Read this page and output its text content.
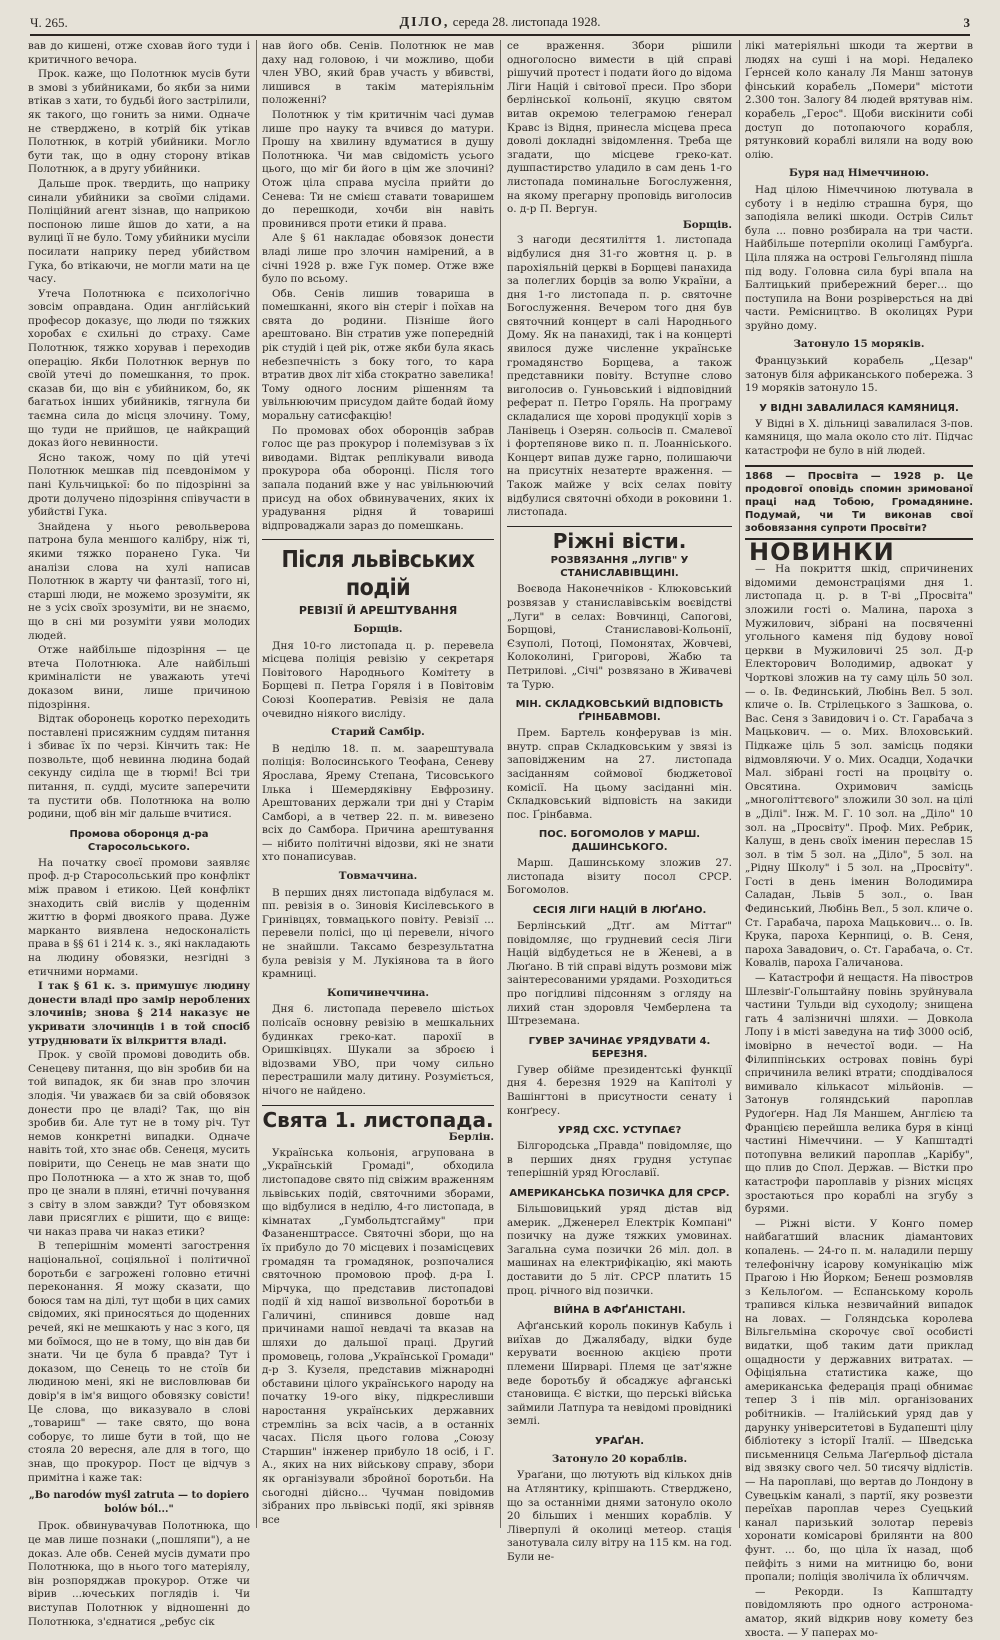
Ч. 265.	ДІЛО, середа 28. листопада 1928.	3

вав до кишені, отже сховав його туди і критичного вечора.

Прок. каже, що Полотнюк мусів бути в змові з убийниками, бо якби за ними втікав з хати, то будьбі його застрілили, як такого, що гонить за ними. Одначе не стверджено, в котрій бік утікав Полотнюк, в котрій убийники. Могло бути так, що в одну сторону втікав Полотнюк, а в другу убийники.

Дальше прок. твердить, що наприку синали убийники за своїми слідами. Поліційний агент зізнав, що наприкою поспоною лише йшов до хати, а на вулиці її не було. Тому убийники мусіли посилати наприку перед убийством Гука, бо втікаючи, не могли мати на це часу.

Утеча Полотнюка є психологічно зовсім оправдана. Один англійський професор доказує, що люди по тяжких хоробах є схильні до страху. Саме Полотнюк, тяжко хорував і переходив операцію. Якби Полотнюк вернув по своїй утечі до помешкання, то прок. сказав би, що він є убийником, бо, як багатьох інших убийників, тягнула би таємна сила до місця злочину. Тому, що туди не прийшов, це найкращий доказ його невинности.

Ясно також, чому по цій утечі Полотнюк мешкав під псевдонімом у пані Кульчицької: бо по підозрінні за дроти долучено підозріння співучасти в убийстві Гука.

Знайдена у нього револьверова патрона була меншого калібру, ніж ті, якими тяжко поранено Гука. Чи аналізи слова на хулі написав Полотнюк в жарту чи фантазії, того ні, старші люди, не можемо зрозуміти, як не з усіх своїх зрозуміти, ви не знаємо, що в сні ми розуміти уяви молодих людей.

Отже найбільше підозріння — це втеча Полотнюка. Але найбільші криміналісти не уважають утечі доказом вини, лише причиною підозріння.

Відтак оборонець коротко переходить поставлені присяжним суддям питання і збиває їх по черзі. Кінчить так: Не позвольте, щоб невинна людина бодай секунду сиділа ще в тюрмі! Всі три питання, п. судді, мусите заперечити та пустити обв. Полотнюка на волю родини, щоб він міг дальше вчитися.

Промова оборонця д-ра Старосольського.

На початку своєї промови заявляє проф. д-р Старосольський про конфлікт між правом і етикою. Цей конфлікт знаходить свій вислів у щоденнім життю в формі двоякого права. Дуже марканто виявлена недосконалість права в §§ 61 і 214 к. з., які накладають на людину обовязки, незгідні з етичними нормами.

І так § 61 к. з. примушує людину донести владі про замір нероблених злочинів; знова § 214 наказує не укривати злочинців і в той спосіб утруднювати їх вілкриття владі.

Прок. у своїй промові доводить обв. Сенецеву питання, що він зробив би на той випадок, як би знав про злочин злодія. Чи уважаєв би за свій обовязок донести про це владі? Так, що він зробив би. Але тут не в тому річ. Тут немов конкретні випадки. Одначе навіть той, хто знає обв. Сенеця, мусить повірити, що Сенець не мав знати що про Полотнюка — а хто ж знав то, щоб про це знали в пляні, етичні почування з світу в злом завжди? Тут обовязком лави присяглих є рішити, що є вище: чи наказ права чи наказ етики?

В теперішнім моменті загострення національної, соціяльної і політичної боротьби є загрожені головно етичні переконання. Я можу сказати, що боюся там на ділі, тут щоби в цих самих свідомих, які приносяться до щоденних речей, які не мешкають у нас з кого, ця ми боїмося, що не в тому, що він дав би знати. Чи це була б правда? Тут і доказом, що Сенець то не стоїв би людиною мені, які не висловлював би довір'я в ім'я вищого обовязку совісти! Це слова, що виказувало в слові „товариш" — таке свято, що вона соборує, то лише бути в той, що не стояла 20 вересня, але для в того, що знав, що прокурор. Пост це відчув з примітна і каже так:

„Bo narodów myśl zatruta — to dopiero bolów ból..."

Прок. обвинувачував Полотнюка, що це мав лише познаки („пошляпи"), а не доказ. Але обв. Сеней мусів думати про Полотнюка, що в нього того матеріялу, він розпоряджав прокурор. Отже чи вірив ...ючеських поглядів і. Чи виступав Полотнюк у відношенні до Полотнюка, з'єднатися „ребус сік

нав його обв. Сенів. Полотнюк не мав даху над головою, і чи можливо, щоби член УВО, який брав участь у вбивстві, лишився в такім матеріяльнім положенні?

Полотнюк у тім критичнім часі думав лише про науку та вчився до матури. Прошу на хвилину вдуматися в душу Полотнюка. Чи мав свідомість усього цього, що міг би його в цім же злочині? Отож ціла справа мусіла прийти до Сенева: Ти не смієш ставати товаришем до перешкоди, хочби він навіть провинився проти етики й права.

Але § 61 накладає обовязок донести владі лише про злочин намірений, а в січні 1928 р. вже Гук помер. Отже вже було по всьому.

Обв. Сенів лишив товариша в помешканні, якого він стеріг і поїхав на свята до родини. Пізніше його арештовано. Він стратив уже попередній рік студій і цей рік, отже якби була якась небезпечність з боку того, то кара втратив двох літ хіба стократно завелика! Тому одного лосним рішенням та увільнюючим присудом дайте бодай йому моральну сатисфакцію!

По промовах обох оборонців забрав голос ще раз прокурор і полемізував з їх виводами. Відтак реплікували вивода прокурора оба оборонці. Після того запала поданий вже у нас увільнюючий присуд на обох обвинувачених, яких іх урадування рідня й товариші відпроваджали зараз до помешкань.

Після львівських подій
РЕВІЗІЇ Й АРЕШТУВАННЯ
Борщів.

Дня 10-го листопада ц. р. перевела місцева поліція ревізію у секретаря Повітового Народнього Комітету в Борщеві п. Петра Горяля і в Повітовім Союзі Кооператив. Ревізія не дала очевидно ніякого висліду.

Старий Самбір.

В неділю 18. п. м. заарештувала поліція: Волосинського Теофана, Сеневу Ярослава, Ярему Степана, Тисовського Ілька і Шемердяківну Евфрозину. Арештованих держали три дні у Старім Самборі, а в четвер 22. п. м. вивезено всіх до Самбора. Причина арештування — нібито політичні відозви, які не знати хто понаписував.

Товмаччина.

В перших днях листопада відбулася м. пп. ревізія в о. Зиновія Кисілевського в Гринівцях, товмацького повіту. Ревізії ... перевели полісі, що ці перевели, нічого не знайшли. Таксамо безрезультатна була ревізія у М. Лукіянова та в його крамниці.

Копичинеччина.

Дня 6. листопада перевело шістьох полісаїв основну ревізію в мешкальних будинках греко-кат. парохії в Оришківцях. Шукали за зброєю і відозвами УВО, при чому сильно перестрашили малу дитину. Розуміється, нічого не найдено.

Свята 1. листопада.
Берлін.

Українська кольонія, агрупована в „Українській Громаді", обходила листопадове свято під свіжим враженням львівських подій, святочними зборами, що відбулися в неділю, 4-го листопада, в кімнатах „Гумбольдтсгайму" при Фазаненштрассе. Святочні збори, що на їх прибуло до 70 місцевих і позамісцевих громадян та громадянок, розпочалися святочною промовою проф. д-ра І. Мірчука, що представив листопадові події й хід нашої визвольної боротьби в Галичині, спинився довше над причинами нашої невдачі та вказав на шляхи до дальшої праці. Другий промовець, голова „Української Громади" д-р З. Кузеля, представив міжнародні обставини цілого українського народу на початку 19-ого віку, підкресливши наростання українських державних стремлінь за всіх часів, а в останніх часах. Після цього голова „Союзу Старшин" інженер прибуло 18 осіб, і Г. А., яких на них військову справу, збори як організували збройної боротьби. На сьогодні дійсно... Чучман повідомив зібраних про львівські події, які зрівняв все

се враження. Збори рішили одноголосно вимести в цій справі рішучий протест і подати його до відома Ліги Націй і світової преси. Про збори берлінської кольонії, якуцю святом витав окремою телеграмою ґенерал Кравс із Відня, принесла місцева преса доволі докладні звідомлення. Треба ще згадати, що місцеве греко-кат. душпастирство уладило в сам день 1-го листопада поминальне Богослуження, на якому прегарну проповідь виголосив о. д-р П. Вергун.

Борщів.

З нагоди десятиліття 1. листопада відбулися дня 31-го жовтня ц. р. в парохіяльній церкві в Борщеві панахида за полеглих борців за волю України, а дня 1-го листопада п. р. святочне Богослуження. Вечером того дня був святочний концерт в салі Народнього Дому. Як на панахиді, так і на концерті явилося дуже численне українське громадянство Борщева, а також представники повіту. Вступне слово виголосив о. Гуньовський і відповідний реферат п. Петро Горяль. На програму складалися ще хорові продукції хорів з Ланівець і Озерян. сольосів п. Смалевої і фортепянове вико п. п. Лоанніського. Концерт випав дуже гарно, полишаючи на присутніх незатерте враження. — Також майже у всіх селах повіту відбулися святочні обходи в роковини 1. листопада.

Ріжні вісти.
РОЗВЯЗАННЯ „ЛУГІВ" У СТАНИСЛАВІВЩИНІ.

Воєвода Наконечніков - Клюковський розвязав у станиславівськім воєвідстві „Луги" в селах: Вовчинці, Сапогові, Борщові, Станиславові-Кольонії, Єзуполі, Потоці, Помонятах, Жовчеві, Колоколині, Григорові, Жабю та Петрилові. „Січі" розвязано в Живачеві та Турю.

МІН. СКЛАДКОВСЬКИЙ ВІДПОВІСТЬ ҐРІНБАВМОВІ.

Прем. Бартель конферував із мін. внутр. справ Складковським у звязі із заповідженим на 27. листопада засіданням соймової бюджетової комісії. На цьому засіданні мін. Складковський відповість на закиди пос. Ґрінбавма.

ПОС. БОГОМОЛОВ У МАРШ. ДАШИНСЬКОГО.

Марш. Дашинському зложив 27. листопада візиту посол СРСР. Богомолов.

СЕСІЯ ЛІГИ НАЦІЙ В ЛЮҐАНО.

Берлінський „Дтґ. ам Міттаґ" повідомляє, що грудневий сесія Ліги Націй відбудеться не в Женеві, а в Люґано. В тій справі відуть розмови між заінтересованими урядами. Розходиться про погідливі підсонням з огляду на лихий стан здоровля Чемберлена та Штреземана.

ГУВЕР ЗАЧИНАЄ УРЯДУВАТИ 4. БЕРЕЗНЯ.

Гувер обійме президентські функції дня 4. березня 1929 на Капітолі у Вашінгтоні в присутности сенату і конґресу.

УРЯД СХС. УСТУПАЄ?

Білгородська „Правда" повідомляє, що в перших днях грудня уступає теперішній уряд Югославії.

АМЕРИКАНСЬКА ПОЗИЧКА ДЛЯ СРСР.

Більшовицький уряд дістав від америк. „Дженерел Електрік Компані" позичку на дуже тяжких умовинах. Загальна сума позички 26 міл. дол. в машинах на електрифікацію, які мають доставити до 5 літ. СРСР платить 15 проц. річного від позички.

ВІЙНА В АФҐАНІСТАНІ.

Афґанський король покинув Кабуль і виїхав до Джалябаду, відки буде керувати воєнною акцією проти племени Ширварі. Племя це зат'яжне веде боротьбу й обсаджує афганські становища. Є вістки, що перські війська займили Латпура та невідомі провідникі землі.

УРАҐАН.
Затонуло 20 кораблів.

Ураґани, що лютують від кількох днів на Атлянтику, кріпшають. Стверджено, що за останніми днями затонуло около 20 більших і менших кораблів. У Ліверпулі й околиці метеор. стація занотувала силу вітру на 115 км. на год. Були не-

лікі матеріяльні шкоди та жертви в людях на суші і на морі. Недалеко Ґернсей коло каналу Ля Манш затонув фінський корабель „Помери" містоти 2.300 тон. Залогу 84 людей врятував нім. корабель „Герос". Щоби вискінити собі доступ до потопаючого корабля, рятунковий кораблі виляли на воду вою олію.

Буря над Німеччиною.

Над цілою Німеччиною лютувала в суботу і в неділю страшна буря, що заподіяла великі шкоди. Острів Сильт була ... повно розбирала на три части. Найбільше потерпіли околиці Гамбурґа. Ціла пляжа на острові Гельголянд пішла під воду. Головна сила бурі впала на Балтицький прибережний берег... що поступила на Вони розріверсться на дві части. Ремісництво. В околицях Рури зруйно дому.

Затонуло 15 моряків.

Французький корабель „Цезар" затонув біля африканського побережа. З 19 моряків затонуло 15.

У ВІДНІ ЗАВАЛИЛАСЯ КАМЯНИЦЯ.

У Відні в X. дільниці завалилася 3-пов. камяниця, що мала около сто літ. Підчас катастрофи не було в ній людей.

1868 — Просвіта — 1928 р. Це продовгої оповідь спомин зримованої праці над Тобою, Громадянине. Подумай, чи Ти виконав свої зобовязання супроти Просвіти?
НОВИНКИ

— На покриття шкід, спричинених відомими демонстраціями дня 1. листопада ц. р. в Т-ві „Просвіта" зложили гості о. Малина, пароха з Мужилович, зібрані на посвяченні угольного каменя під будову нової церкви в Мужиловичі 25 зол. Д-р Електорович Володимир, адвокат у Чорткові зложив на ту саму ціль 50 зол. — о. Ів. Фединський, Любінь Вел. 5 зол. кличе о. Ів. Стрілецького з Зашкова, о. Вас. Сеня з Завидович і о. Ст. Гарабача з Мацькович. — о. Мих. Влоховський. Підкаже ціль 5 зол. замісць подяки відмовляючи. У о. Мих. Осадци, Ходачки Мал. зібрані гості на процвіту о. Овсятина. Охримович замісць „многоліттєвого" зложили 30 зол. на цілі в „Ділі". Інж. М. Г. 10 зол. на „Діло" 10 зол. на „Просвіту". Проф. Мих. Ребрик, Калуш, в день своїх іменин переслав 15 зол. в тім 5 зол. на „Діло", 5 зол. на „Рідну Школу" і 5 зол. на „Просвіту". Гості в день іменин Володимира Саладан, Львів 5 зол., о. Іван Фединський, Любінь Вел., 5 зол. кличе о. Ст. Гарабача, пароха Мацькович... о. Ів. Крука, пароха Кернпиці, о. В. Сеня, пароха Завадович, о. Ст. Гарабача, о. Ст. Ковалів, пароха Галичанова.

— Катастрофи й нещастя. На півостров Шлезвіґ-Гольштайну повінь зруйнувала частини Тульди від суходолу; знищена гать 4 залізничні шляхи. — Довкола Лопу і в місті заведуна на тиф 3000 осіб, імовірно в нечестої води. — На Філиппінських островах повінь бурі спричинила великі втрати; споддівалося вимивало кількасот мільйонів. — Затонув голяндський пароплав Рудоґерн. Над Ля Маншем, Англією та Францією перейшла велика буря в кінці частині Німеччини. — У Капштадті потопувна великий пароплав „Карібу", що плив до Спол. Держав. — Вістки про катастрофи пароплавів у різних місцях зростаються про кораблі на згубу з бурями.

— Ріжні вісти. У Конго помер найбагатший власник діамантових копалень. — 24-го п. м. наладили першу телефонічну ісарову комунікацію між Прагою і Ню Йорком; Бенеш розмовляв з Кельлоґом. — Еспанському король трапився кілька незвичайний випадок на ловах. — Голяндська королева Вільгельміна скорочує свої особисті видатки, щоб таким дати приклад ощадности у державних витратах. — Офіціяльна статистика каже, що американська федерація праці обнимає тепер 3 і пів міл. організованих робітників. — Італійський уряд дав у дарунку університетові в Будапешті цілу бібліотеку з історії Італії. — Шведська письменниця Сельма Лаґерльоф дістала від звязку свого чел. 50 тисячу відлістів. — На пароплаві, що вертав до Лондону в Сувецькім каналі, з партії, яку розвезти переїхав пароплав через Суецький канал паризький золотар перевіз хоронати комісарові брилянти на 800 фунт. ... бо, що ціла їх назад, щоб пейфіть з ними на митницю бо, вони пропали; поліція зволічила їх обличчям.

— Рекорди. Із Капштадту повідомляють про одного астронома-аматор, який відкрив нову комету без хвоста. — У паперах мо-
